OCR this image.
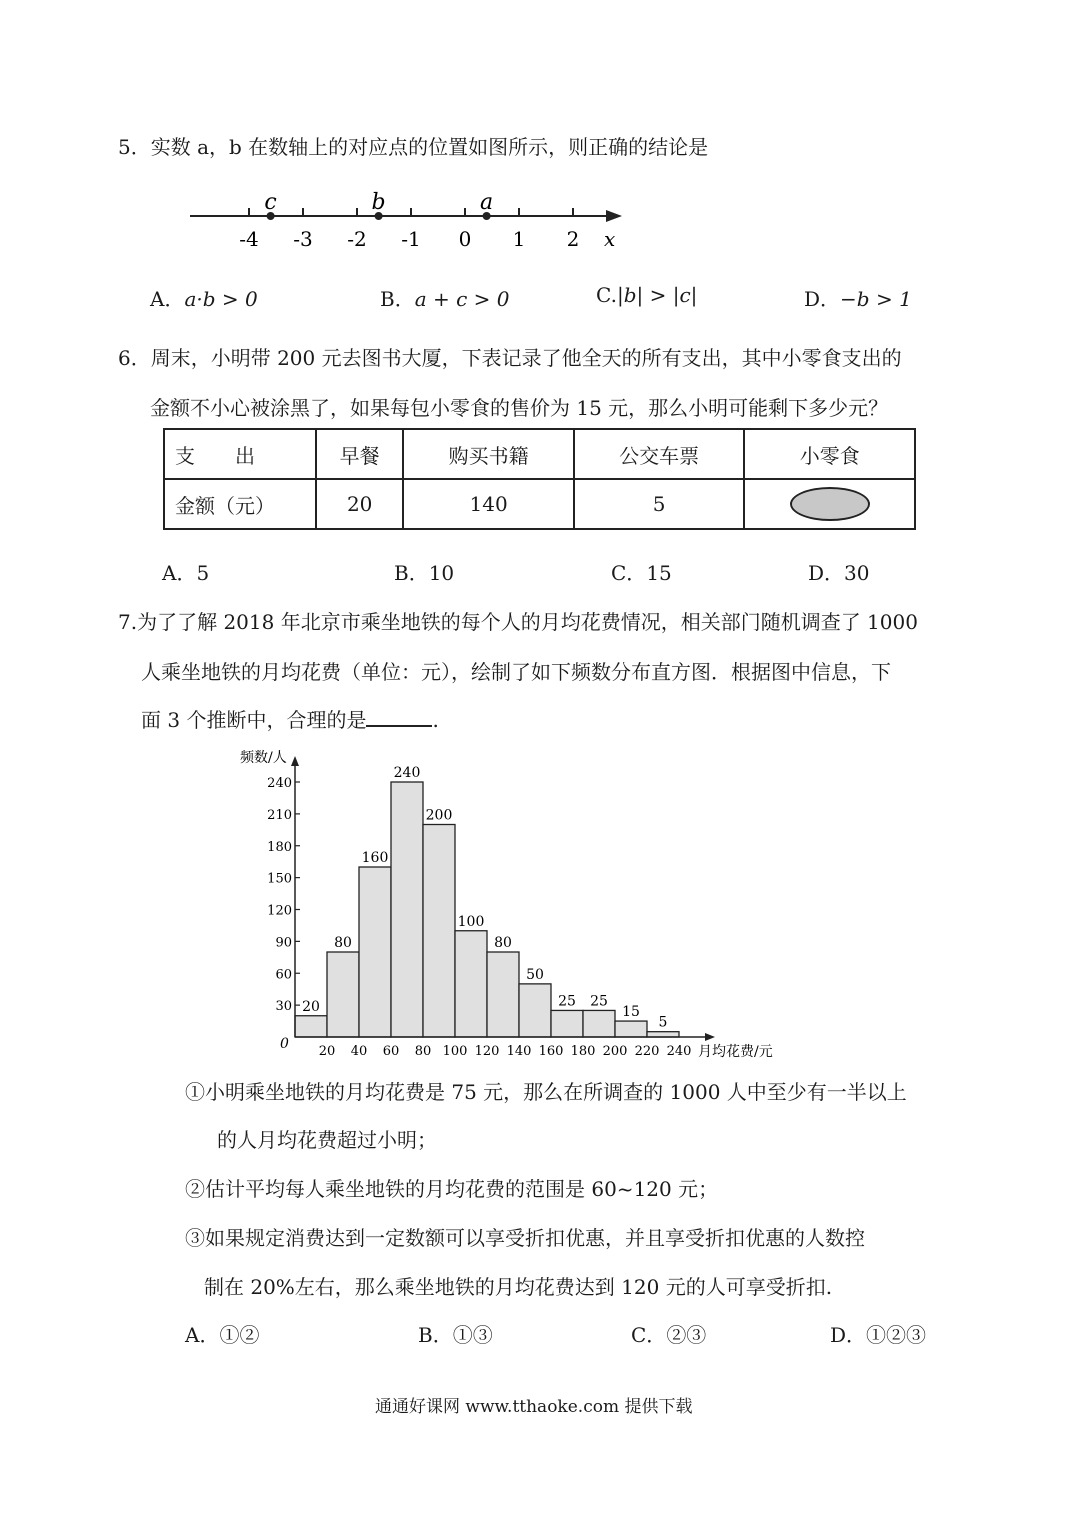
5．实数 a，b 在数轴上的对应点的位置如图所示，则正确的结论是
-4 -3 -2 -1 0 1 2
c	b	a
x
A．a·b > 0	B．a + c > 0	C.|b| > |c|	D．−b > 1
6．周末，小明带 200 元去图书大厦，下表记录了他全天的所有支出，其中小零食支出的
金额不小心被涂黑了，如果每包小零食的售价为 15 元，那么小明可能剩下多少元？
支　　出	早餐	购买书籍	公交车票	小零食
金额（元）	20	140	5	
A．5	B．10	C．15	D．30
7.为了了解 2018 年北京市乘坐地铁的每个人的月均花费情况，相关部门随机调查了 1000
人乘坐地铁的月均花费（单位：元），绘制了如下频数分布直方图．根据图中信息，下
面 3 个推断中，合理的是	.
频数/人
月均花费/元
0
20
80
160
240
200
100
80
50
25 25
15
5
30
60
90
120
150
180
210
240
20 40 60 80 100 120 140 160 180 200 220 240
①小明乘坐地铁的月均花费是 75 元，那么在所调查的 1000 人中至少有一半以上
的人月均花费超过小明；
②估计平均每人乘坐地铁的月均花费的范围是 60~120 元；
③如果规定消费达到一定数额可以享受折扣优惠，并且享受折扣优惠的人数控
制在 20%左右，那么乘坐地铁的月均花费达到 120 元的人可享受折扣.
A．①②	B．①③	C．②③	D．①②③
通通好课网 www.tthaoke.com 提供下载
